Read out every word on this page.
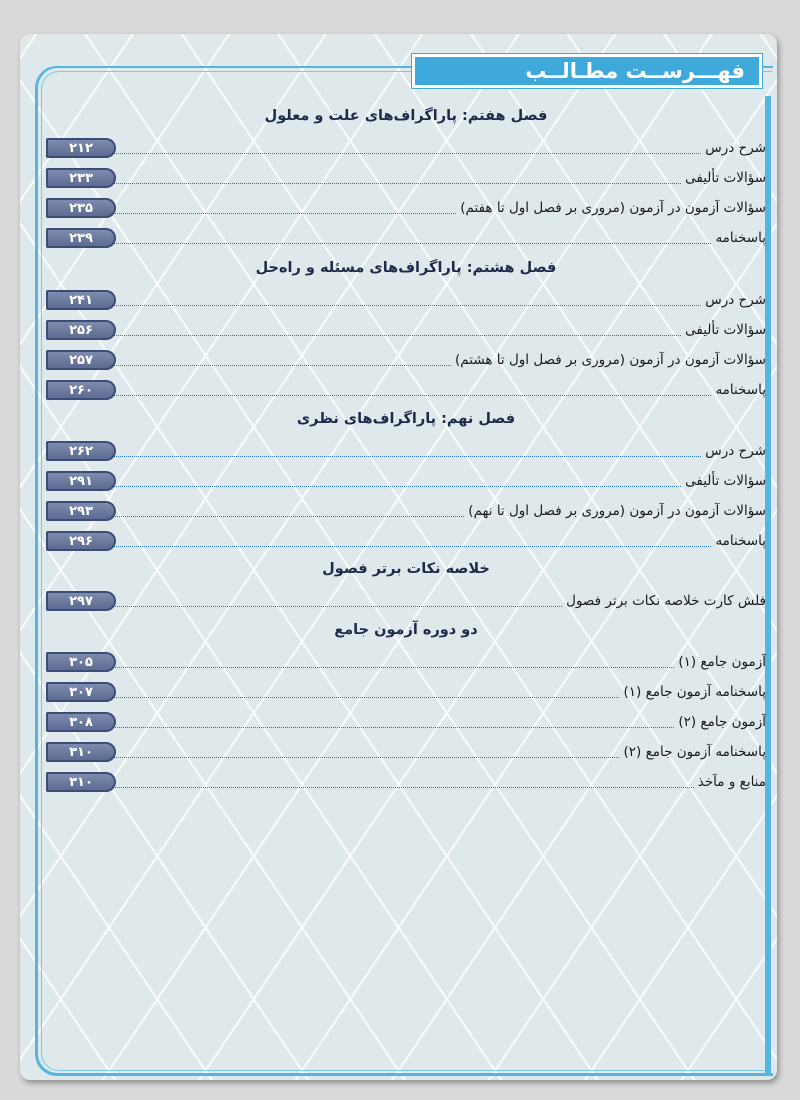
فهـــرســت مطـالــب
فصل هفتم: پاراگراف‌های علت و معلول
شرح درس
۲۱۲
سؤالات تألیفی
۲۳۳
سؤالات آزمون در آزمون (مروری بر فصل اول تا هفتم)
۲۳۵
پاسخنامه
۲۳۹
فصل هشتم: پاراگراف‌های مسئله و راه‌حل
شرح درس
۲۴۱
سؤالات تألیفی
۲۵۶
سؤالات آزمون در آزمون (مروری بر فصل اول تا هشتم)
۲۵۷
پاسخنامه
۲۶۰
فصل نهم: پاراگراف‌های نظری
شرح درس
۲۶۲
سؤالات تألیفی
۲۹۱
سؤالات آزمون در آزمون (مروری بر فصل اول تا نهم)
۲۹۳
پاسخنامه
۲۹۶
خلاصه نکات برتر فصول
فلش کارت خلاصه نکات برتر فصول
۲۹۷
دو دوره آزمون جامع
آزمون جامع (۱)
۳۰۵
پاسخنامه آزمون جامع (۱)
۳۰۷
آزمون جامع (۲)
۳۰۸
پاسخنامه آزمون جامع (۲)
۳۱۰
منابع و مآخذ
۳۱۰
